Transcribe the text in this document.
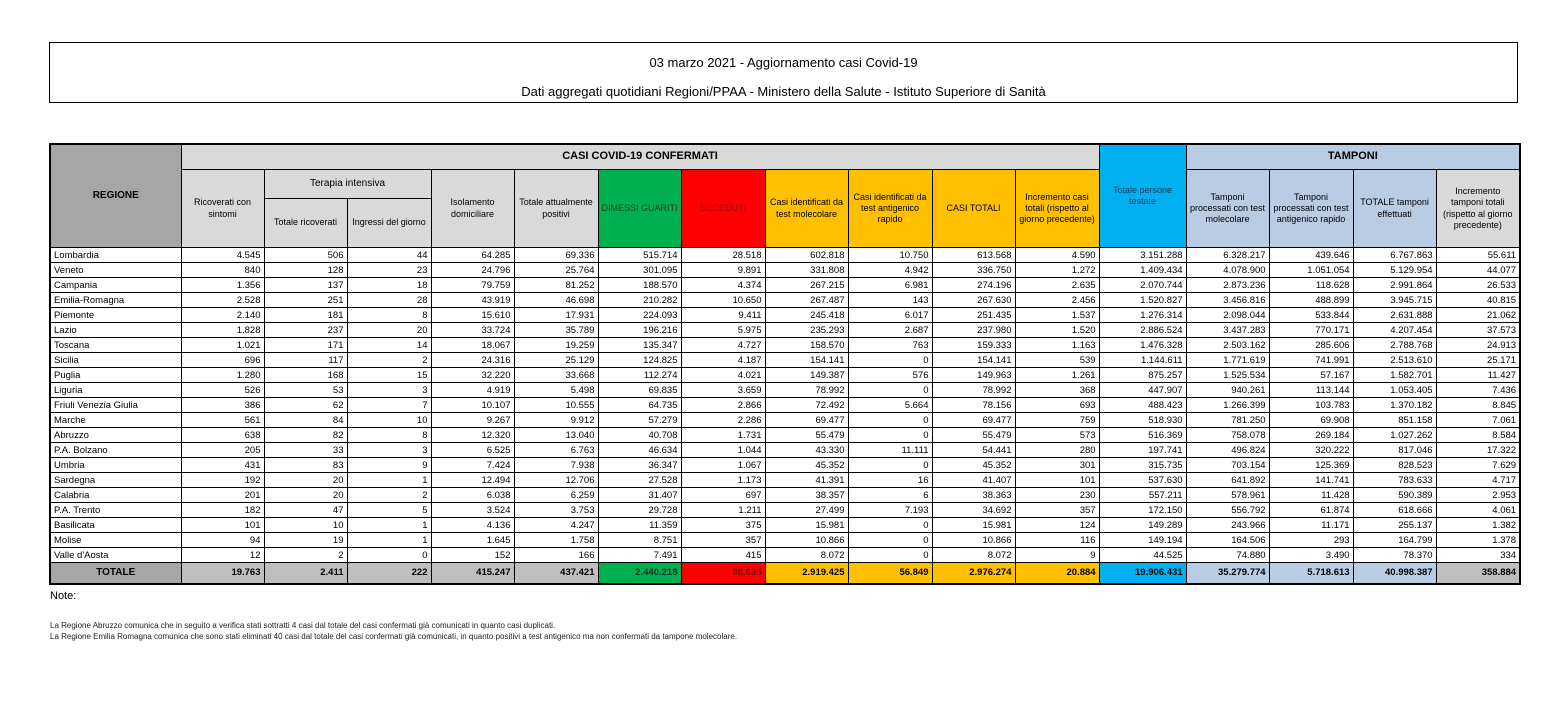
03 marzo 2021 - Aggiornamento casi Covid-19
Dati aggregati quotidiani Regioni/PPAA - Ministero della Salute - Istituto Superiore di Sanità
REGIONE	CASI COVID-19 CONFERMATI											Totale persone testate	TAMPONI			
	Ricoverati con sintomi	Terapia intensiva		Isolamento domiciliare	Totale attualmente positivi	DIMESSI GUARITI	DECEDUTI	Casi identificati da test molecolare	Casi identificati da test antigenico rapido	CASI TOTALI	Incremento casi totali (rispetto al giorno precedente)		Tamponi processati con test molecolare	Tamponi processati con test antigenico rapido	TOTALE tamponi effettuati	Incremento tamponi totali (rispetto al giorno precedente)
		Totale ricoverati	Ingressi del giorno													
Lombardia	4.545	506	44	64.285	69.336	515.714	28.518	602.818	10.750	613.568	4.590	3.151.288	6.328.217	439.646	6.767.863	55.611
Veneto	840	128	23	24.796	25.764	301.095	9.891	331.808	4.942	336.750	1.272	1.409.434	4.078.900	1.051.054	5.129.954	44.077
Campania	1.356	137	18	79.759	81.252	188.570	4.374	267.215	6.981	274.196	2.635	2.070.744	2.873.236	118.628	2.991.864	26.533
Emilia-Romagna	2.528	251	28	43.919	46.698	210.282	10.650	267.487	143	267.630	2.456	1.520.827	3.456.816	488.899	3.945.715	40.815
Piemonte	2.140	181	8	15.610	17.931	224.093	9.411	245.418	6.017	251.435	1.537	1.276.314	2.098.044	533.844	2.631.888	21.062
Lazio	1.828	237	20	33.724	35.789	196.216	5.975	235.293	2.687	237.980	1.520	2.886.524	3.437.283	770.171	4.207.454	37.573
Toscana	1.021	171	14	18.067	19.259	135.347	4.727	158.570	763	159.333	1.163	1.476.328	2.503.162	285.606	2.788.768	24.913
Sicilia	696	117	2	24.316	25.129	124.825	4.187	154.141	0	154.141	539	1.144.611	1.771.619	741.991	2.513.610	25.171
Puglia	1.280	168	15	32.220	33.668	112.274	4.021	149.387	576	149.963	1.261	875.257	1.525.534	57.167	1.582.701	11.427
Liguria	526	53	3	4.919	5.498	69.835	3.659	78.992	0	78.992	368	447.907	940.261	113.144	1.053.405	7.436
Friuli Venezia Giulia	386	62	7	10.107	10.555	64.735	2.866	72.492	5.664	78.156	693	488.423	1.266.399	103.783	1.370.182	8.845
Marche	561	84	10	9.267	9.912	57.279	2.286	69.477	0	69.477	759	518.930	781.250	69.908	851.158	7.061
Abruzzo	638	82	8	12.320	13.040	40.708	1.731	55.479	0	55.479	573	516.369	758.078	269.184	1.027.262	8.584
P.A. Bolzano	205	33	3	6.525	6.763	46.634	1.044	43.330	11.111	54.441	280	197.741	496.824	320.222	817.046	17.322
Umbria	431	83	9	7.424	7.938	36.347	1.067	45.352	0	45.352	301	315.735	703.154	125.369	828.523	7.629
Sardegna	192	20	1	12.494	12.706	27.528	1.173	41.391	16	41.407	101	537.630	641.892	141.741	783.633	4.717
Calabria	201	20	2	6.038	6.259	31.407	697	38.357	6	38.363	230	557.211	578.961	11.428	590.389	2.953
P.A. Trento	182	47	5	3.524	3.753	29.728	1.211	27.499	7.193	34.692	357	172.150	556.792	61.874	618.666	4.061
Basilicata	101	10	1	4.136	4.247	11.359	375	15.981	0	15.981	124	149.289	243.966	11.171	255.137	1.382
Molise	94	19	1	1.645	1.758	8.751	357	10.866	0	10.866	116	149.194	164.506	293	164.799	1.378
Valle d'Aosta	12	2	0	152	166	7.491	415	8.072	0	8.072	9	44.525	74.880	3.490	78.370	334
TOTALE	19.763	2.411	222	415.247	437.421	2.440.218	98.635	2.919.425	56.849	2.976.274	20.884	19.906.431	35.279.774	5.718.613	40.998.387	358.884
Note:
La Regione Abruzzo comunica che in seguito a verifica stati sottratti 4 casi dal totale del casi confermati già comunicati in quanto casi duplicati.
La Regione Emilia Romagna comunica che sono stati eliminati 40 casi dal totale del casi confermati già comunicati, in quanto positivi a test antigenico ma non confermati da tampone molecolare.
